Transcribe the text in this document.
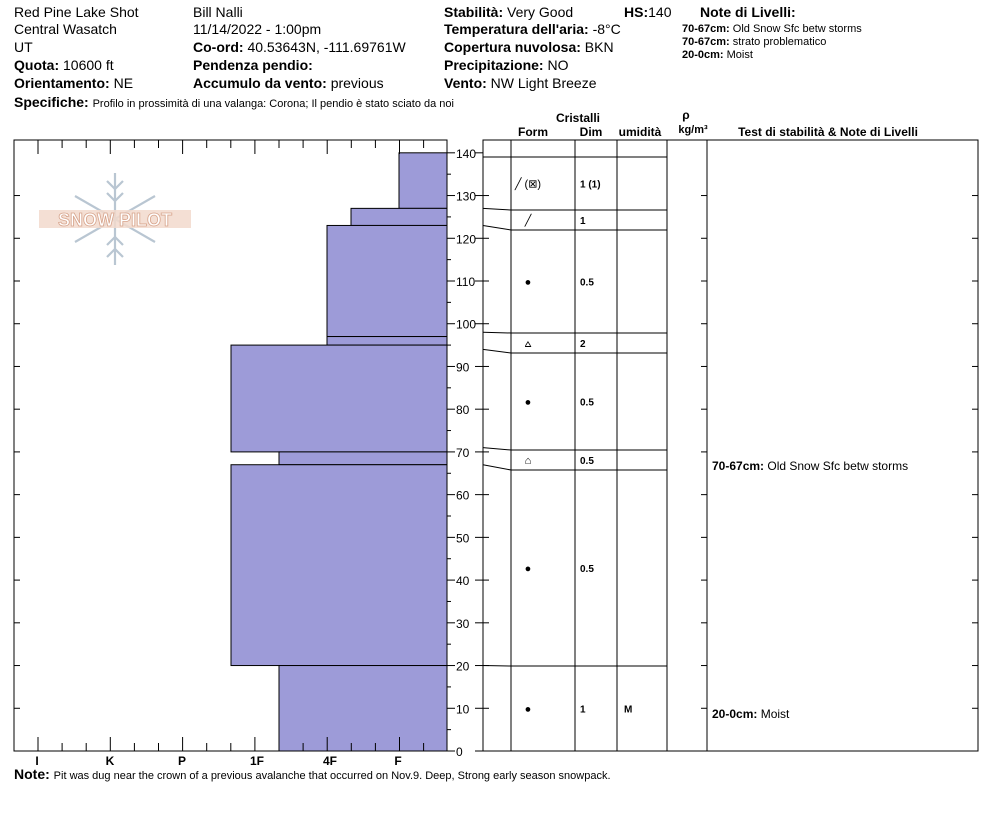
Red Pine Lake Shot
Central Wasatch
UT
Quota: 10600 ft
Orientamento: NE
Bill Nalli
11/14/2022 - 1:00pm
Co-ord: 40.53643N, -111.69761W
Pendenza pendio:
Accumulo da vento: previous
Stabilità: Very Good	HS:140
Temperatura dell'aria: -8°C
Copertura nuvolosa: BKN
Precipitazione: NO
Vento: NW Light Breeze
Note di Livelli:
70-67cm: Old Snow Sfc betw storms
70-67cm: strato problematico
20-0cm: Moist
Specifiche: Profilo in prossimità di una valanga: Corona; Il pendio è stato sciato da noi
Note: Pit was dug near the crown of a previous avalanche that occurred on Nov.9. Deep, Strong early season snowpack.
SNOW PILOT
I	K	P	1F	4F	F
0
10
20
30
40
50
60
70
80
90
100
110
120
130
140
╱ (⊠)	1 (1)
╱	1
●	0.5
⩟	2
●	0.5
⌂	0.5
●	0.5
●	1	M
70-67cm: Old Snow Sfc betw storms
20-0cm: Moist
Cristalli
Form	Dim umidità
ρ
kg/m³	Test di stabilità & Note di Livelli
